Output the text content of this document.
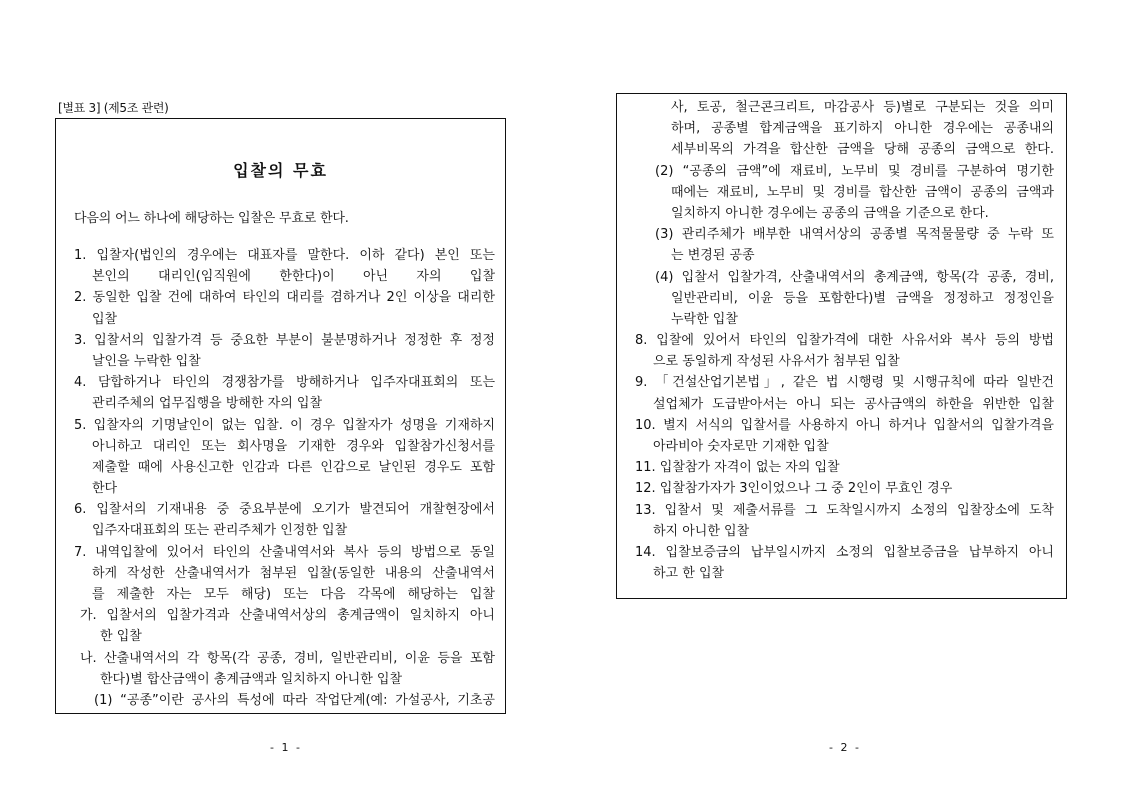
[별표 3] (제5조 관련)
입찰의 무효
다음의 어느 하나에 해당하는 입찰은 무효로 한다.
1. 입찰자(법인의 경우에는 대표자를 말한다. 이하 같다) 본인 또는
본인의 대리인(임직원에 한한다)이 아닌 자의 입찰
2. 동일한 입찰 건에 대하여 타인의 대리를 겸하거나 2인 이상을 대리한
입찰
3. 입찰서의 입찰가격 등 중요한 부분이 불분명하거나 정정한 후 정정
날인을 누락한 입찰
4. 담합하거나 타인의 경쟁참가를 방해하거나 입주자대표회의 또는
관리주체의 업무집행을 방해한 자의 입찰
5. 입찰자의 기명날인이 없는 입찰. 이 경우 입찰자가 성명을 기재하지
아니하고 대리인 또는 회사명을 기재한 경우와 입찰참가신청서를
제출할 때에 사용신고한 인감과 다른 인감으로 날인된 경우도 포함
한다
6. 입찰서의 기재내용 중 중요부분에 오기가 발견되어 개찰현장에서
입주자대표회의 또는 관리주체가 인정한 입찰
7. 내역입찰에 있어서 타인의 산출내역서와 복사 등의 방법으로 동일
하게 작성한 산출내역서가 첨부된 입찰(동일한 내용의 산출내역서
를 제출한 자는 모두 해당) 또는 다음 각목에 해당하는 입찰
가. 입찰서의 입찰가격과 산출내역서상의 총계금액이 일치하지 아니
한 입찰
나. 산출내역서의 각 항목(각 공종, 경비, 일반관리비, 이윤 등을 포함
한다)별 합산금액이 총계금액과 일치하지 아니한 입찰
(1) “공종”이란 공사의 특성에 따라 작업단계(예: 가설공사, 기초공
사, 토공, 철근콘크리트, 마감공사 등)별로 구분되는 것을 의미
하며, 공종별 합계금액을 표기하지 아니한 경우에는 공종내의
세부비목의 가격을 합산한 금액을 당해 공종의 금액으로 한다.
(2) “공종의 금액”에 재료비, 노무비 및 경비를 구분하여 명기한
때에는 재료비, 노무비 및 경비를 합산한 금액이 공종의 금액과
일치하지 아니한 경우에는 공종의 금액을 기준으로 한다.
(3) 관리주체가 배부한 내역서상의 공종별 목적물물량 중 누락 또
는 변경된 공종
(4) 입찰서 입찰가격, 산출내역서의 총계금액, 항목(각 공종, 경비,
일반관리비, 이윤 등을 포함한다)별 금액을 정정하고 정정인을
누락한 입찰
8. 입찰에 있어서 타인의 입찰가격에 대한 사유서와 복사 등의 방법
으로 동일하게 작성된 사유서가 첨부된 입찰
9. 「건설산업기본법」, 같은 법 시행령 및 시행규칙에 따라 일반건
설업체가 도급받아서는 아니 되는 공사금액의 하한을 위반한 입찰
10. 별지 서식의 입찰서를 사용하지 아니 하거나 입찰서의 입찰가격을
아라비아 숫자로만 기재한 입찰
11. 입찰참가 자격이 없는 자의 입찰
12. 입찰참가자가 3인이었으나 그 중 2인이 무효인 경우
13. 입찰서 및 제출서류를 그 도착일시까지 소정의 입찰장소에 도착
하지 아니한 입찰
14. 입찰보증금의 납부일시까지 소정의 입찰보증금을 납부하지 아니
하고 한 입찰
- 1 -	- 2 -
